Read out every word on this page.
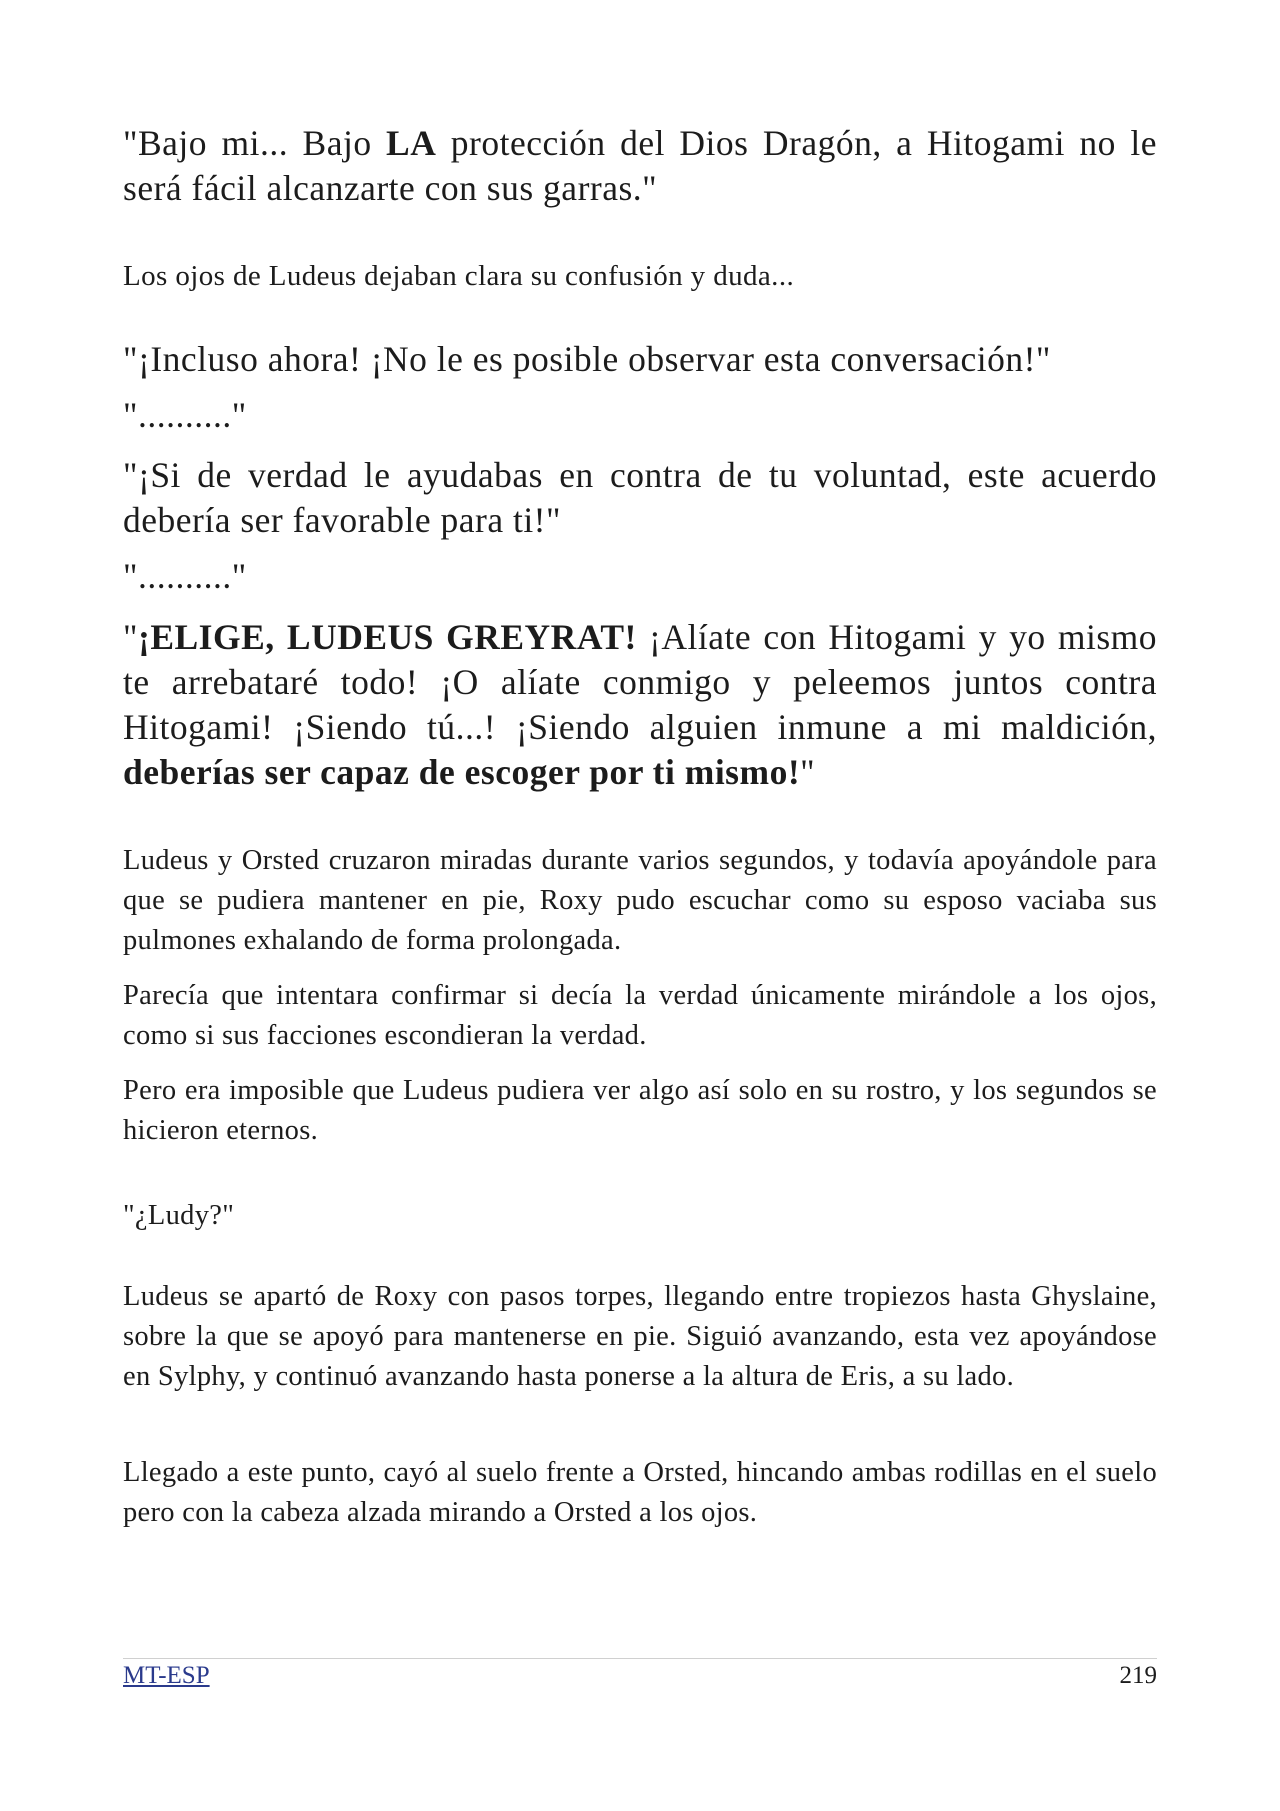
"Bajo mi... Bajo LA protección del Dios Dragón, a Hitogami no le será fácil alcanzarte con sus garras."

Los ojos de Ludeus dejaban clara su confusión y duda...

"¡Incluso ahora! ¡No le es posible observar esta conversación!"

".........."

"¡Si de verdad le ayudabas en contra de tu voluntad, este acuerdo debería ser favorable para ti!"

".........."

"¡ELIGE, LUDEUS GREYRAT! ¡Alíate con Hitogami y yo mismo te arrebataré todo! ¡O alíate conmigo y peleemos juntos contra Hitogami! ¡Siendo tú...! ¡Siendo alguien inmune a mi maldición, deberías ser capaz de escoger por ti mismo!"

Ludeus y Orsted cruzaron miradas durante varios segundos, y todavía apoyándole para que se pudiera mantener en pie, Roxy pudo escuchar como su esposo vaciaba sus pulmones exhalando de forma prolongada.

Parecía que intentara confirmar si decía la verdad únicamente mirándole a los ojos, como si sus facciones escondieran la verdad.

Pero era imposible que Ludeus pudiera ver algo así solo en su rostro, y los segundos se hicieron eternos.

"¿Ludy?"

Ludeus se apartó de Roxy con pasos torpes, llegando entre tropiezos hasta Ghyslaine, sobre la que se apoyó para mantenerse en pie. Siguió avanzando, esta vez apoyándose en Sylphy, y continuó avanzando hasta ponerse a la altura de Eris, a su lado.

Llegado a este punto, cayó al suelo frente a Orsted, hincando ambas rodillas en el suelo pero con la cabeza alzada mirando a Orsted a los ojos.

MT-ESP	219
